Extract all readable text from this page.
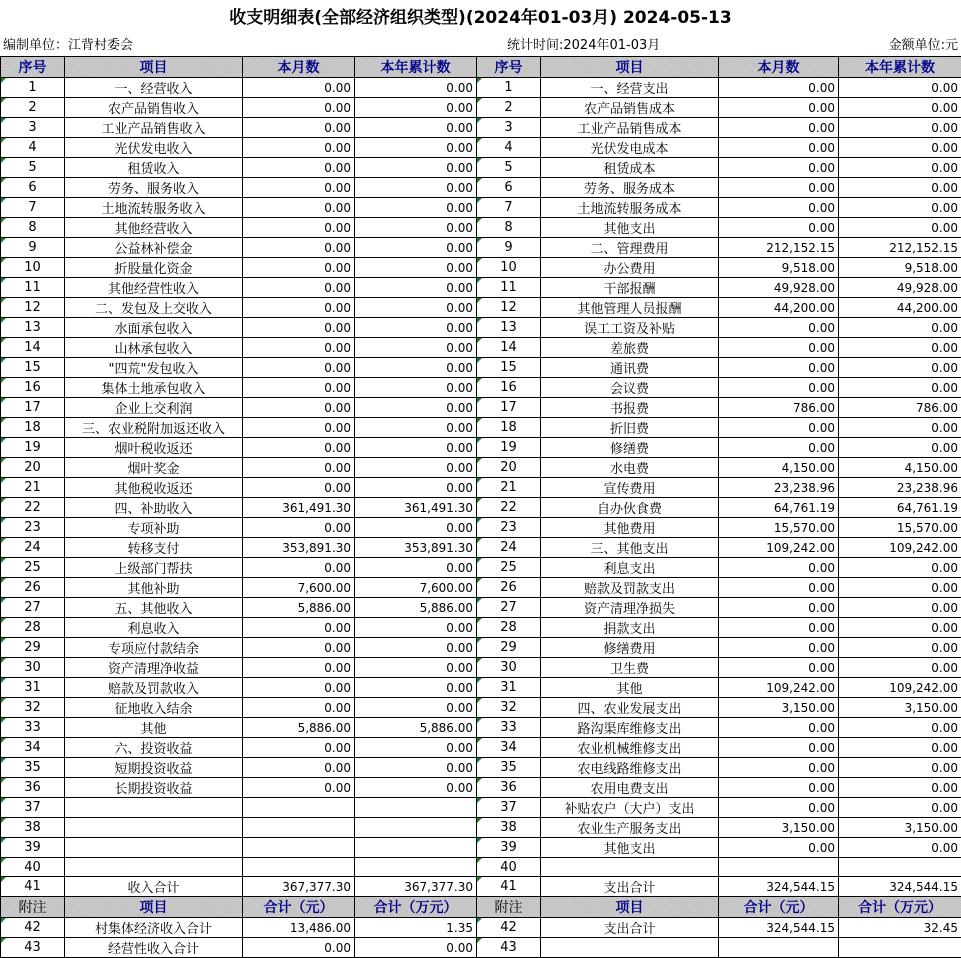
收支明细表(全部经济组织类型)(2024年01-03月) 2024-05-13
编制单位：江背村委会	统计时间:2024年01-03月	金额单位:元
序号	项目	本月数	本年累计数	序号	项目	本月数	本年累计数
1	一、经营收入	0.00	0.00	1	一、经营支出	0.00	0.00
2	农产品销售收入	0.00	0.00	2	农产品销售成本	0.00	0.00
3	工业产品销售收入	0.00	0.00	3	工业产品销售成本	0.00	0.00
4	光伏发电收入	0.00	0.00	4	光伏发电成本	0.00	0.00
5	租赁收入	0.00	0.00	5	租赁成本	0.00	0.00
6	劳务、服务收入	0.00	0.00	6	劳务、服务成本	0.00	0.00
7	土地流转服务收入	0.00	0.00	7	土地流转服务成本	0.00	0.00
8	其他经营收入	0.00	0.00	8	其他支出	0.00	0.00
9	公益林补偿金	0.00	0.00	9	二、管理费用	212,152.15	212,152.15
10	折股量化资金	0.00	0.00	10	办公费用	9,518.00	9,518.00
11	其他经营性收入	0.00	0.00	11	干部报酬	49,928.00	49,928.00
12	二、发包及上交收入	0.00	0.00	12	其他管理人员报酬	44,200.00	44,200.00
13	水面承包收入	0.00	0.00	13	误工工资及补贴	0.00	0.00
14	山林承包收入	0.00	0.00	14	差旅费	0.00	0.00
15	"四荒"发包收入	0.00	0.00	15	通讯费	0.00	0.00
16	集体土地承包收入	0.00	0.00	16	会议费	0.00	0.00
17	企业上交利润	0.00	0.00	17	书报费	786.00	786.00
18	三、农业税附加返还收入	0.00	0.00	18	折旧费	0.00	0.00
19	烟叶税收返还	0.00	0.00	19	修缮费	0.00	0.00
20	烟叶奖金	0.00	0.00	20	水电费	4,150.00	4,150.00
21	其他税收返还	0.00	0.00	21	宣传费用	23,238.96	23,238.96
22	四、补助收入	361,491.30	361,491.30	22	自办伙食费	64,761.19	64,761.19
23	专项补助	0.00	0.00	23	其他费用	15,570.00	15,570.00
24	转移支付	353,891.30	353,891.30	24	三、其他支出	109,242.00	109,242.00
25	上级部门帮扶	0.00	0.00	25	利息支出	0.00	0.00
26	其他补助	7,600.00	7,600.00	26	赔款及罚款支出	0.00	0.00
27	五、其他收入	5,886.00	5,886.00	27	资产清理净损失	0.00	0.00
28	利息收入	0.00	0.00	28	捐款支出	0.00	0.00
29	专项应付款结余	0.00	0.00	29	修缮费用	0.00	0.00
30	资产清理净收益	0.00	0.00	30	卫生费	0.00	0.00
31	赔款及罚款收入	0.00	0.00	31	其他	109,242.00	109,242.00
32	征地收入结余	0.00	0.00	32	四、农业发展支出	3,150.00	3,150.00
33	其他	5,886.00	5,886.00	33	路沟渠库维修支出	0.00	0.00
34	六、投资收益	0.00	0.00	34	农业机械维修支出	0.00	0.00
35	短期投资收益	0.00	0.00	35	农电线路维修支出	0.00	0.00
36	长期投资收益	0.00	0.00	36	农用电费支出	0.00	0.00
37				37	补贴农户（大户）支出	0.00	0.00
38				38	农业生产服务支出	3,150.00	3,150.00
39				39	其他支出	0.00	0.00
40				40			
41	收入合计	367,377.30	367,377.30	41	支出合计	324,544.15	324,544.15
附注	项目	合计（元）	合计（万元）	附注	项目	合计（元）	合计（万元）
42	村集体经济收入合计	13,486.00	1.35	42	支出合计	324,544.15	32.45
43	经营性收入合计	0.00	0.00	43			
